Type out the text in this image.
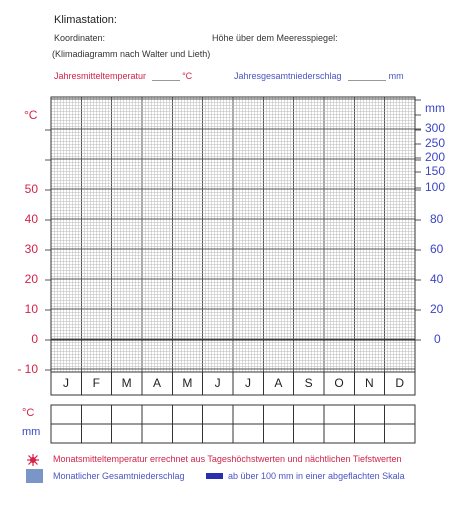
Klimastation:
Koordinaten:	Höhe über dem Meeresspiegel:
(Klimadiagramm nach Walter und Lieth)
Jahresmitteltemperatur	°C	Jahresgesamtniederschlag	mm
°C	mm
50
40
30
20
10
0
- 10
300
250
200
150
100
80
60
40
20
0
J	F	M	A	M	J	J	A	S	O	N	D
°C
mm
Monatsmitteltemperatur errechnet aus Tageshöchstwerten und nächtlichen Tiefstwerten
Monatlicher Gesamtniederschlag	ab über 100 mm in einer abgeflachten Skala
